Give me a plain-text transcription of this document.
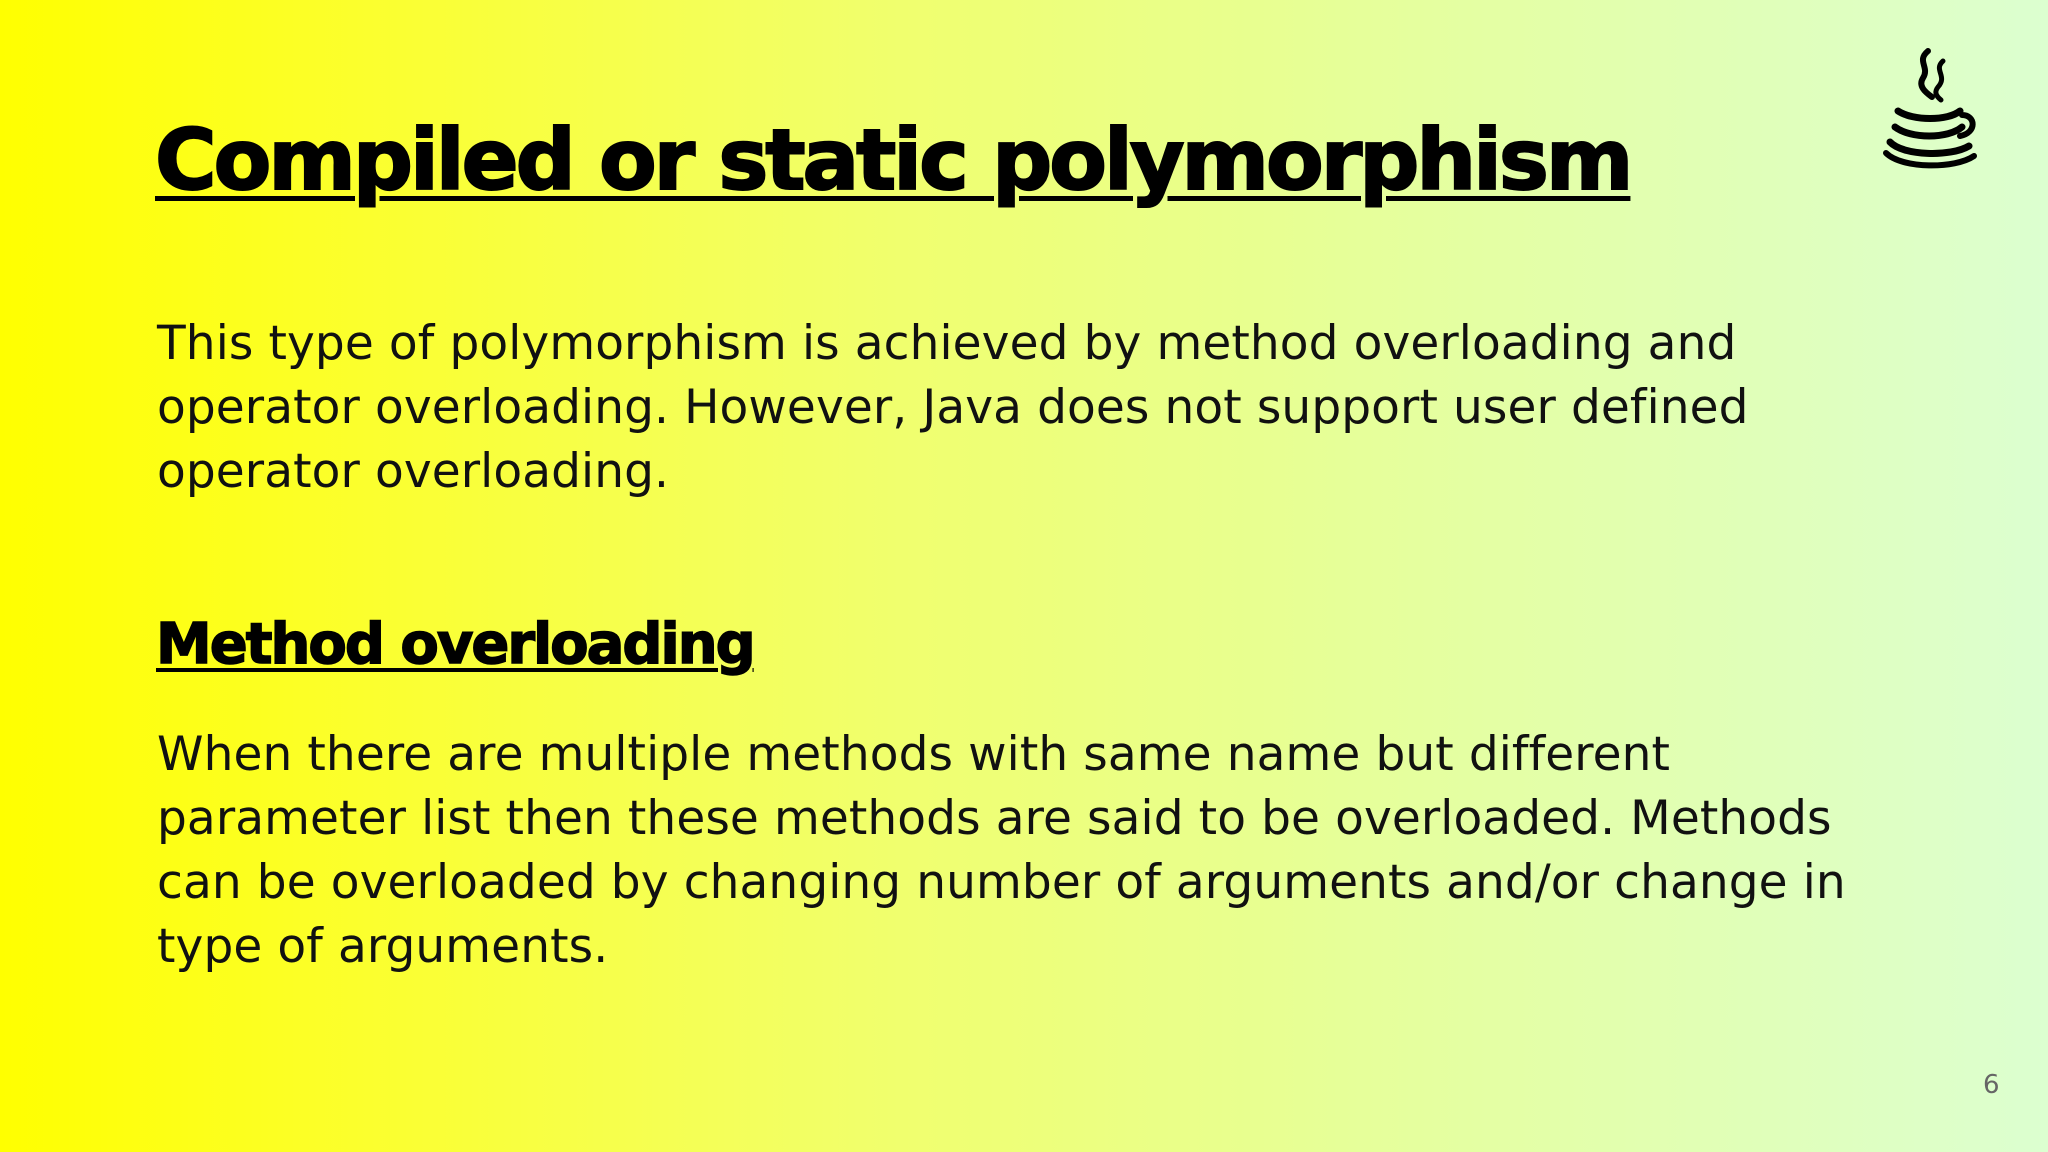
Compiled or static polymorphism

This type of polymorphism is achieved by method overloading and operator overloading. However, Java does not support user defined operator overloading.

Method overloading

When there are multiple methods with same name but different parameter list then these methods are said to be overloaded. Methods can be overloaded by changing number of arguments and/or change in type of arguments.

6
